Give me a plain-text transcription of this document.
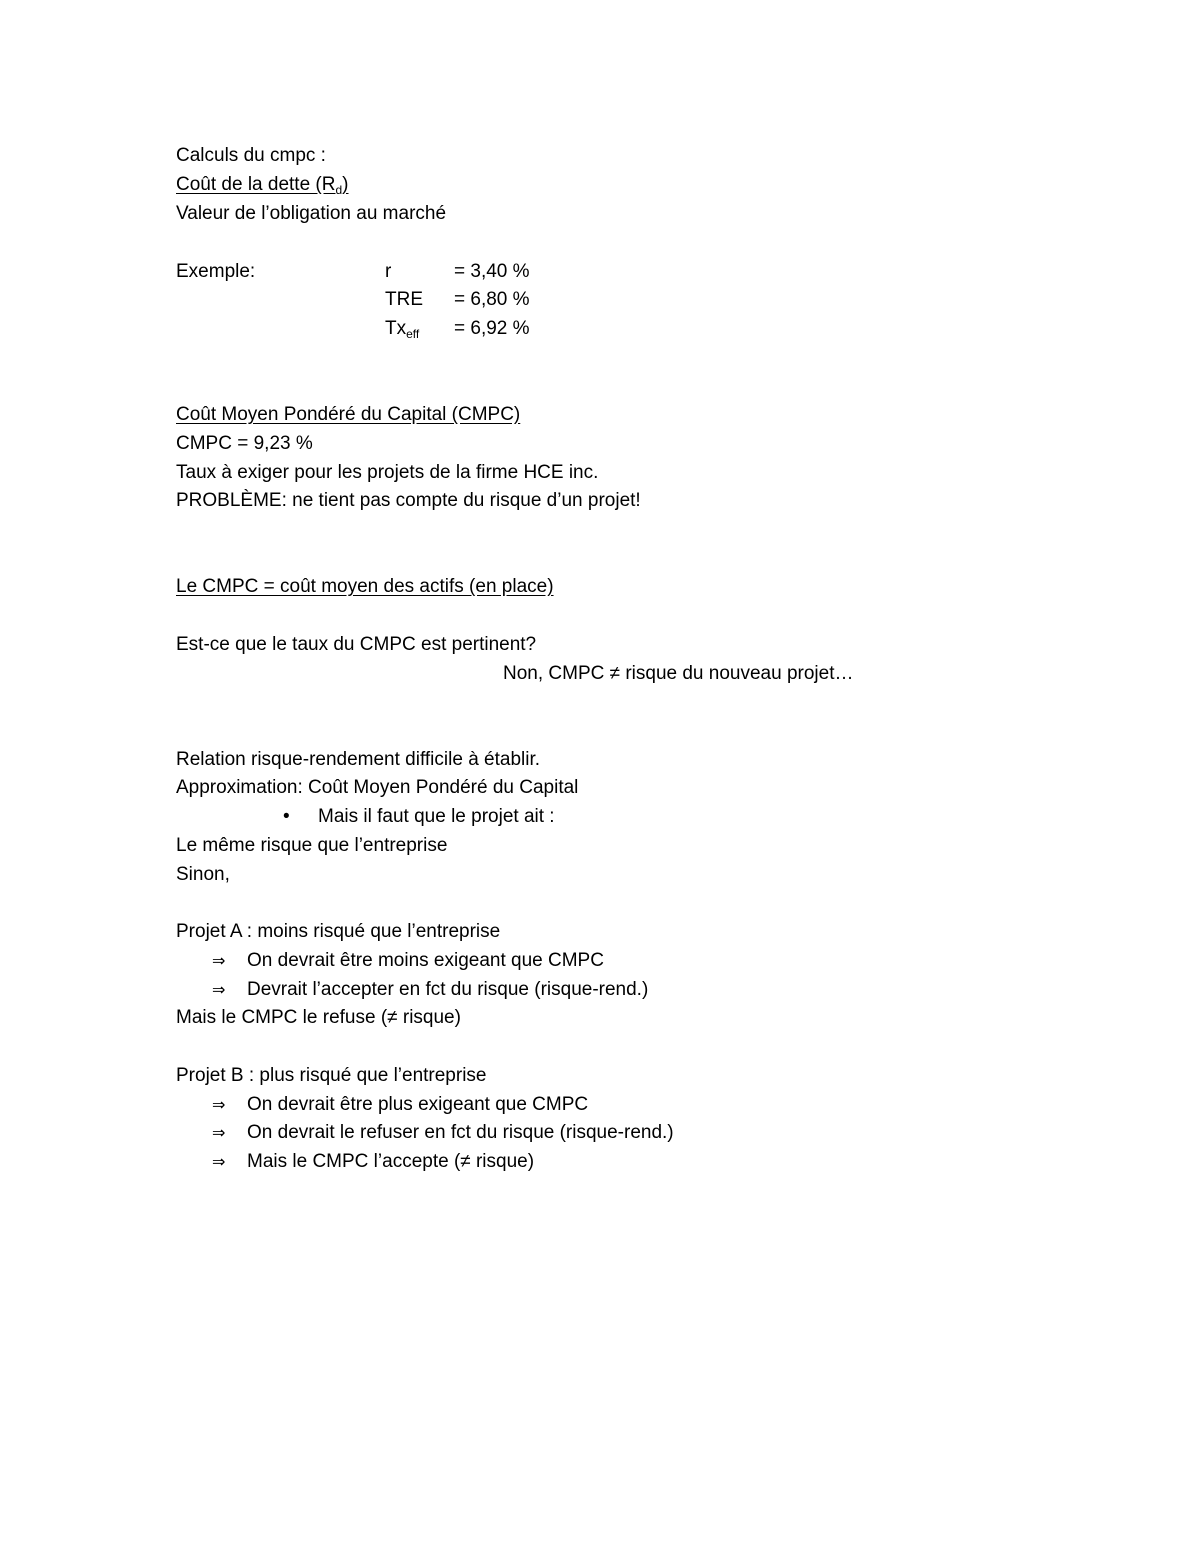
Calculs du cmpc :
Coût de la dette $(R_d)$
Valeur de l’obligation au marché
Exemple:	r	= 3,40 %
TRE = 6,80 %
$Tx_{eff} = 6,92$ %
Coût Moyen Pondéré du Capital (CMPC)
CMPC = 9,23 %
Taux à exiger pour les projets de la firme HCE inc.
PROBLÈME: ne tient pas compte du risque d’un projet!
Le CMPC = coût moyen des actifs (en place)
Est-ce que le taux du CMPC est pertinent?
Non, CMPC ≠ risque du nouveau projet…
Relation risque-rendement difficile à établir.
Approximation: Coût Moyen Pondéré du Capital
• Mais il faut que le projet ait :
Le même risque que l’entreprise
Sinon,
Projet A : moins risqué que l’entreprise
⇒ On devrait être moins exigeant que CMPC
⇒ Devrait l’accepter en fct du risque (risque-rend.)
Mais le CMPC le refuse (≠ risque)
Projet B : plus risqué que l’entreprise
⇒ On devrait être plus exigeant que CMPC
⇒ On devrait le refuser en fct du risque (risque-rend.)
⇒ Mais le CMPC l’accepte (≠ risque)
